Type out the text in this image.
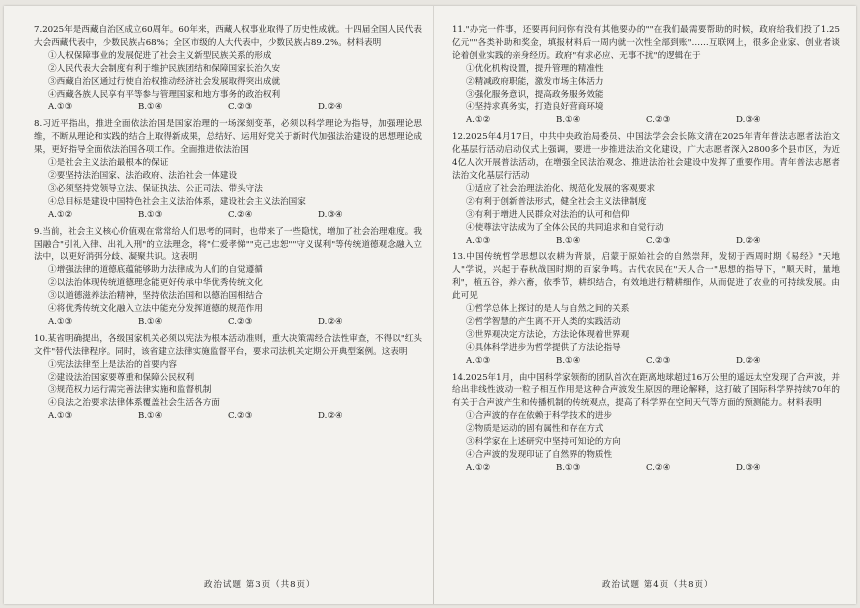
7.2025年是西藏自治区成立60周年。60年来，西藏人权事业取得了历史性成就。十四届全国人民代表大会西藏代表中，少数民族占68%；全区市级的人大代表中，少数民族占89.2%。材料表明
①人权保障事业的发展促进了社会主义新型民族关系的形成
②人民代表大会制度有利于维护民族团结和保障国家长治久安
③西藏自治区通过行使自治权推动经济社会发展取得突出成就
④西藏各族人民享有平等参与管理国家和地方事务的政治权利
A.①③	B.①④	C.②③	D.②④
8.习近平指出，推进全面依法治国是国家治理的一场深刻变革，必须以科学理论为指导，加强理论思维，不断从理论和实践的结合上取得新成果，总结好、运用好党关于新时代加强法治建设的思想理论成果，更好指导全面依法治国各项工作。全面推进依法治国
①是社会主义法治最根本的保证
②要坚持法治国家、法治政府、法治社会一体建设
③必须坚持党领导立法、保证执法、公正司法、带头守法
④总目标是建设中国特色社会主义法治体系，建设社会主义法治国家
A.①②	B.①③	C.②④	D.③④
9.当前，社会主义核心价值观在常常给人们思考的同时，也带来了一些隐忧，增加了社会治理难度。我国融合"引礼入律、出礼入刑"的立法理念，将"仁爱孝悌""克己忠恕""守义谋利"等传统道德观念融入立法中，以更好消弭分歧、凝聚共识。这表明
①增强法律的道德底蕴能够助力法律成为人们的自觉遵循
②以法治体现传统道德理念能更好传承中华优秀传统文化
③以道德滋养法治精神，坚持依法治国和以德治国相结合
④将优秀传统文化融入立法中能充分发挥道德的规范作用
A.①③	B.①④	C.②③	D.②④
10.某省明确提出，各级国家机关必须以宪法为根本活动准则，重大决策需经合法性审查，不得以"红头文件"替代法律程序。同时，该省建立法律实施监督平台，要求司法机关定期公开典型案例。这表明
①宪法法律至上是法治的首要内容
②建设法治国家要尊重和保障公民权利
③规范权力运行需完善法律实施和监督机制
④良法之治要求法律体系覆盖社会生活各方面
A.①③	B.①④	C.②③	D.②④
11."办完一件事，还要再问问你有没有其他要办的""在我们最需要帮助的时候，政府给我们投了1.25亿元""各类补助和奖金，填报材料后一周内就一次性全部到账"……互联网上，很多企业家、创业者谈论着创业实践的亲身经历。政府"有求必应、无事不扰"的逻辑在于
①优化机构设置，提升管理的精准性
②精减政府职能，激发市场主体活力
③强化服务意识，提高政务服务效能
④坚持求真务实，打造良好营商环境
A.①②	B.①④	C.②③	D.③④
12.2025年4月17日，中共中央政治局委员、中国法学会会长陈文清在2025年青年普法志愿者法治文化基层行活动启动仪式上强调，要进一步推进法治文化建设，广大志愿者深入2800多个县市区，为近4亿人次开展普法活动，在增强全民法治观念、推进法治社会建设中发挥了重要作用。青年普法志愿者法治文化基层行活动
①适应了社会治理法治化、规范化发展的客观要求
②有利于创新普法形式，健全社会主义法律制度
③有利于增进人民群众对法治的认可和信仰
④使尊法守法成为了全体公民的共同追求和自觉行动
A.①③	B.①④	C.②③	D.②④
13.中国传统哲学思想以农耕为背景，启蒙于原始社会的自然崇拜，发韧于西周时期《易经》"天地人"学说，兴起于春秋战国时期的百家争鸣。古代农民在"天人合一"思想的指导下，"顺天时，量地利"，植五谷，养六畜，依季节，耕织结合，有效地进行精耕细作，从而促进了农业的可持续发展。由此可见
①哲学总体上探讨的是人与自然之间的关系
②哲学智慧的产生离不开人类的实践活动
③世界观决定方法论，方法论体现着世界观
④具体科学进步为哲学提供了方法论指导
A.①③	B.①④	C.②③	D.②④
14.2025年1月，由中国科学家领衔的团队首次在距离地球超过16万公里的遥远太空发现了合声波，并给出非线性波动一粒子相互作用是这种合声波发生原因的理论解释，这打破了国际科学界持续70年的有关于合声波产生和传播机制的传统观点，提高了科学界在空间天气等方面的预测能力。材料表明
①合声波的存在依赖于科学技术的进步
②物质是运动的固有属性和存在方式
③科学家在上述研究中坚持可知论的方向
④合声波的发现印证了自然界的物质性
A.①②	B.①③	C.②④	D.③④
政治试题 第3页（共8页）	政治试题 第4页（共8页）
